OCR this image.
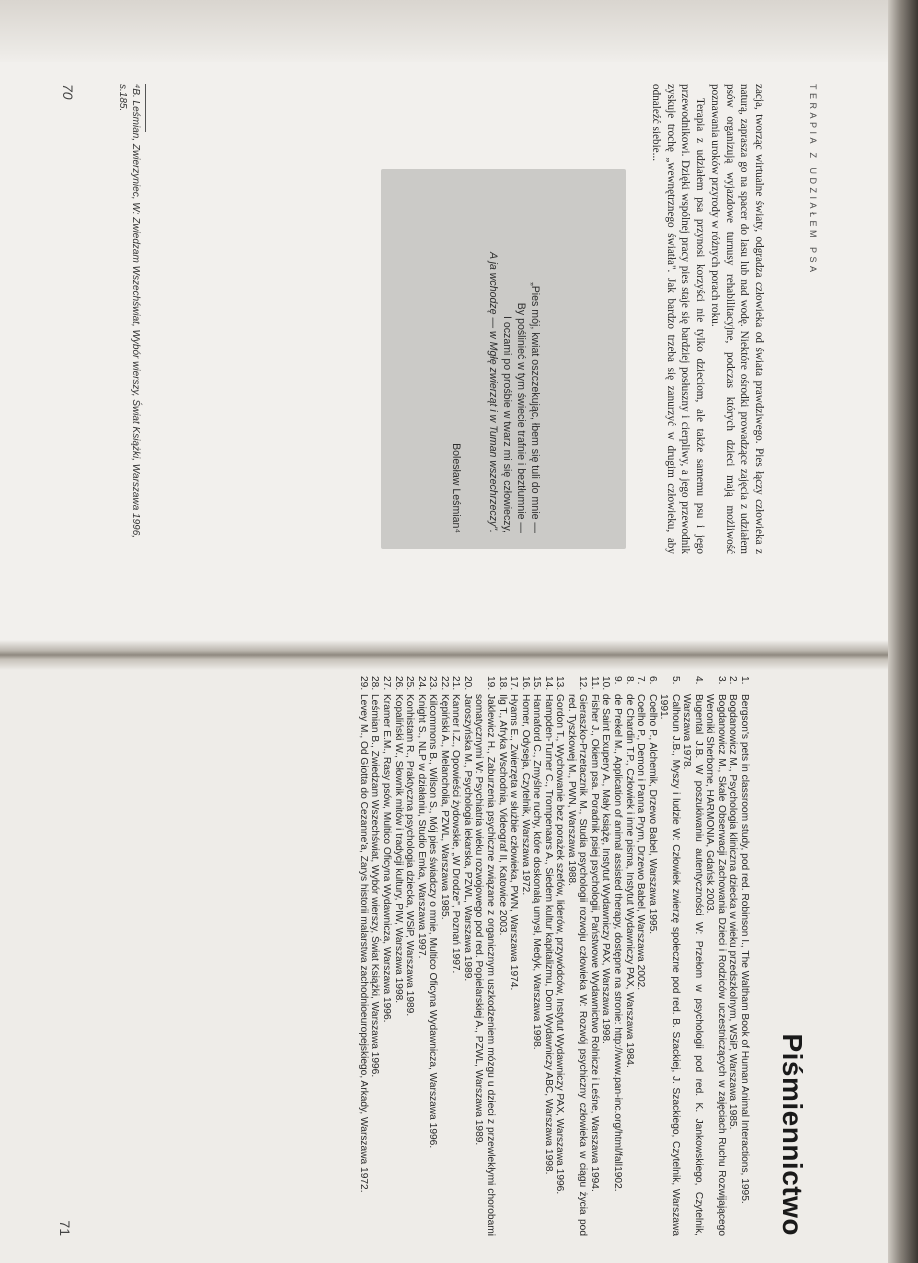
TERAPIA Z UDZIAŁEM PSA

zacja, tworząc wirtualne światy, odgradza człowieka od świata prawdziwego. Pies łączy człowieka z naturą, zaprasza go na spacer do lasu lub nad wodę. Niektóre ośrodki prowadzące zajęcia z udziałem psów organizują wyjazdowe turnusy rehabilitacyjne, podczas których dzieci mają możliwość poznawania uroków przyrody w różnych porach roku.

Terapia z udziałem psa przynosi korzyści nie tylko dzieciom, ale także samemu psu i jego przewodnikowi. Dzięki wspólnej pracy pies staje się bardziej posłuszny i cierpliwy, a jego przewodnik zyskuje trochę „wewnętrznego światła". Jak bardzo trzeba się zanurzyć w drugim człowieku, aby odnaleźć siebie...

„Pies mój, kwiat oszczekując, łbem się tuli do mnie —
By poślinieć w tym świecie trafnie i beztłumnie —
I oczami po prośbie w twarz mi się człowieczy,
A ja wchodzę — w Mgłę zwierząt i w Tuman wszechrzeczy".
Bolesław Leśmian⁴
⁴B. Leśmian, Zwierzyniec, W: Zwiedzam Wszechświat, Wybór wierszy, Świat Książki, Warszawa 1996, s.185.
70
Piśmiennictwo
1.
Bergson's pets in classroom study, pod red. Robinson I., The Waltham Book of Human Animal Interactions, 1995.
2.
Bogdanowicz M., Psychologia kliniczna dziecka w wieku przedszkolnym, WSiP, Warszawa 1985.
3.
Bogdanowicz M., Skale Obserwacji Zachowania Dzieci i Rodziców uczestniczących w zajęciach Ruchu Rozwijającego Weroniki Sherborne, HARMONIA, Gdańsk 2003.
4.
Bugental J.B. W poszukiwaniu autentyczności W: Przełom w psychologii pod red. K. Jankowskiego, Czytelnik, Warszawa 1978.
5.
Calhoun J.B., Myszy i ludzie W: Człowiek zwierzę społeczne pod red. B. Szackiej, J. Szackiego, Czytelnik, Warszawa 1991.
6.
Coelho P., Alchemik, Drzewo Babel, Warszawa 1995.
7.
Coelho P., Demon i Panna Prym, Drzewo Babel, Warszawa 2002.
8.
de Chardin T.P., Człowiek i inne pisma, Instytut Wydawniczy PAX, Warszawa 1984.
9.
de Prekel M., Application of animal assisted therapy, dostępne na stronie: http://www.pan-inc.org/html/fall1902.
10.
de Saint Exupery A., Mały książę, Instytut Wydawniczy PAX, Warszawa 1998.
11.
Fisher J., Okiem psa. Poradnik psiej psychologii, Państwowe Wydawnictwo Rolnicze i Leśne, Warszawa 1994.
12.
Gieraszko-Przetacznik M., Studia psychologii rozwoju człowieka W: Rozwój psychiczny człowieka w ciągu życia pod red. Tyszkowej M., PWN, Warszawa 1988.
13.
Gordon T., Wychowanie bez porażek szefów, liderów, przywódców, Instytut Wydawniczy PAX, Warszawa 1996.
14.
Hampden-Turner C., Trompenaars A., Siedem kultur kapitalizmu, Dom Wydawniczy ABC, Warszawa 1998.
15.
Hannaford C., Zmyślne ruchy, które doskonalą umysł, Medyk, Warszawa 1998.
16.
Homer, Odyseja, Czytelnik, Warszawa 1972.
17.
Hyams E., Zwierzęta w służbie człowieka, PWN, Warszawa 1974.
18.
Ilg T., Afryka Wschodnia, Videograf II, Katowice 2003.
19.
Jaklewicz H., Zaburzenia psychiczne związane z organicznym uszkodzeniem mózgu u dzieci z przewlekłymi chorobami somatycznymi W: Psychiatria wieku rozwojowego pod red. Popielarskiej A., PZWL, Warszawa 1989.
20.
Jaroszyńska M., Psychologia lekarska, PZWL, Warszawa 1989.
21.
Kanner I.Z., Opowieści żydowskie, „W Drodze", Poznań 1997.
22.
Kępiński A., Melancholia, PZWL, Warszawa 1985.
23.
Kilcommons B., Wilson S., Mój pies świadczy o mnie, Multico Oficyna Wydawnicza, Warszawa 1996.
24.
Knight S., NLP w działaniu, Studio Emka, Warszawa 1997.
25.
Konhistam R., Praktyczna psychologia dziecka, WSiP, Warszawa 1989.
26.
Kopaliński W., Słownik mitów i tradycji kultury, PIW, Warszawa 1998.
27.
Kramer E.M., Rasy psów, Multico Oficyna Wydawnicza, Warszawa 1996.
28.
Leśmian B., Zwiedzam Wszechświat, Wybór wierszy, Świat Książki, Warszawa 1996.
29.
Levey M., Od Giotta do Cezanne'a, Zarys historii malarstwa zachodnioeuropejskiego, Arkady, Warszawa 1972.
71
